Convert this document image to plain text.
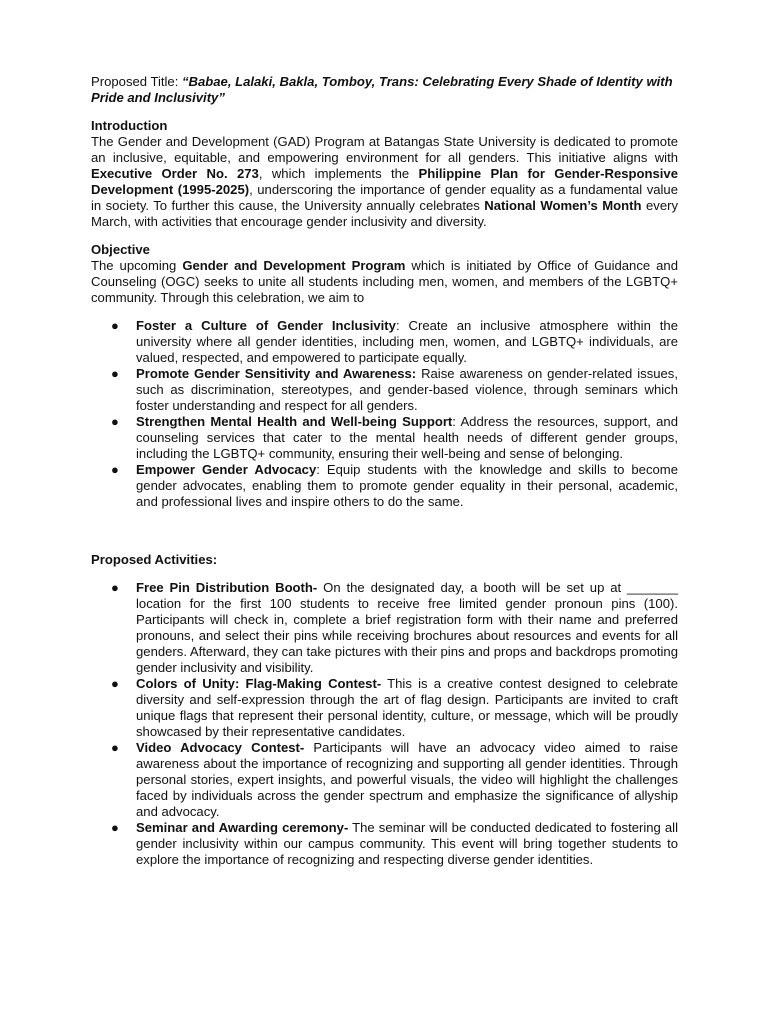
Proposed Title: “Babae, Lalaki, Bakla, Tomboy, Trans: Celebrating Every Shade of Identity with Pride and Inclusivity”

Introduction

The Gender and Development (GAD) Program at Batangas State University is dedicated to promote an inclusive, equitable, and empowering environment for all genders. This initiative aligns with Executive Order No. 273, which implements the Philippine Plan for Gender-Responsive Development (1995-2025), underscoring the importance of gender equality as a fundamental value in society. To further this cause, the University annually celebrates National Women’s Month every March, with activities that encourage gender inclusivity and diversity.

Objective

The upcoming Gender and Development Program which is initiated by Office of Guidance and Counseling (OGC) seeks to unite all students including men, women, and members of the LGBTQ+ community. Through this celebration, we aim to

● Foster a Culture of Gender Inclusivity: Create an inclusive atmosphere within the university where all gender identities, including men, women, and LGBTQ+ individuals, are valued, respected, and empowered to participate equally.
● Promote Gender Sensitivity and Awareness: Raise awareness on gender-related issues, such as discrimination, stereotypes, and gender-based violence, through seminars which foster understanding and respect for all genders.
● Strengthen Mental Health and Well-being Support: Address the resources, support, and counseling services that cater to the mental health needs of different gender groups, including the LGBTQ+ community, ensuring their well-being and sense of belonging.
● Empower Gender Advocacy: Equip students with the knowledge and skills to become gender advocates, enabling them to promote gender equality in their personal, academic, and professional lives and inspire others to do the same.

Proposed Activities:

● Free Pin Distribution Booth- On the designated day, a booth will be set up at _______ location for the first 100 students to receive free limited gender pronoun pins (100). Participants will check in, complete a brief registration form with their name and preferred pronouns, and select their pins while receiving brochures about resources and events for all genders. Afterward, they can take pictures with their pins and props and backdrops promoting gender inclusivity and visibility.
● Colors of Unity: Flag-Making Contest- This is a creative contest designed to celebrate diversity and self-expression through the art of flag design. Participants are invited to craft unique flags that represent their personal identity, culture, or message, which will be proudly showcased by their representative candidates.
● Video Advocacy Contest- Participants will have an advocacy video aimed to raise awareness about the importance of recognizing and supporting all gender identities. Through personal stories, expert insights, and powerful visuals, the video will highlight the challenges faced by individuals across the gender spectrum and emphasize the significance of allyship and advocacy.
● Seminar and Awarding ceremony- The seminar will be conducted dedicated to fostering all gender inclusivity within our campus community. This event will bring together students to explore the importance of recognizing and respecting diverse gender identities.
